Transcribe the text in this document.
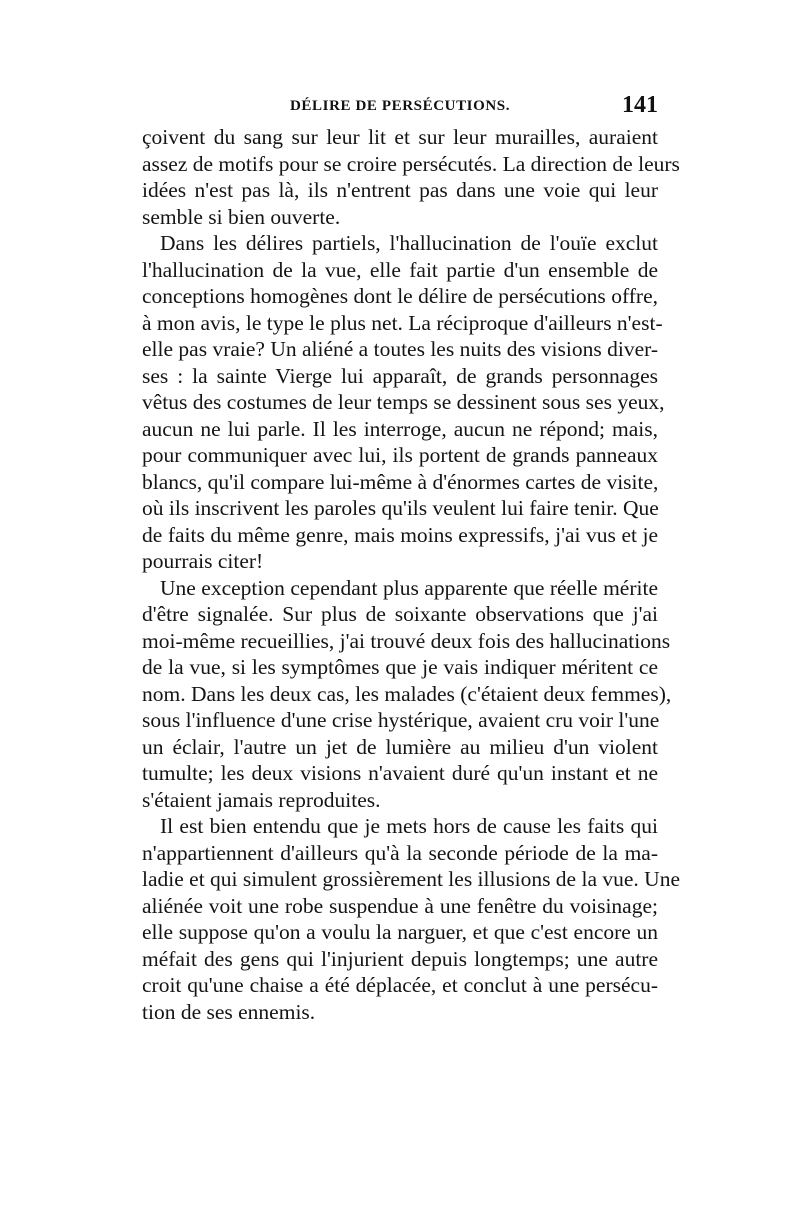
DÉLIRE DE PERSÉCUTIONS.	141
çoivent du sang sur leur lit et sur leur murailles, auraient
assez de motifs pour se croire persécutés. La direction de leurs
idées n'est pas là, ils n'entrent pas dans une voie qui leur
semble si bien ouverte.
Dans les délires partiels, l'hallucination de l'ouïe exclut
l'hallucination de la vue, elle fait partie d'un ensemble de
conceptions homogènes dont le délire de persécutions offre,
à mon avis, le type le plus net. La réciproque d'ailleurs n'est-
elle pas vraie? Un aliéné a toutes les nuits des visions diver-
ses : la sainte Vierge lui apparaît, de grands personnages
vêtus des costumes de leur temps se dessinent sous ses yeux,
aucun ne lui parle. Il les interroge, aucun ne répond; mais,
pour communiquer avec lui, ils portent de grands panneaux
blancs, qu'il compare lui-même à d'énormes cartes de visite,
où ils inscrivent les paroles qu'ils veulent lui faire tenir. Que
de faits du même genre, mais moins expressifs, j'ai vus et je
pourrais citer!
Une exception cependant plus apparente que réelle mérite
d'être signalée. Sur plus de soixante observations que j'ai
moi-même recueillies, j'ai trouvé deux fois des hallucinations
de la vue, si les symptômes que je vais indiquer méritent ce
nom. Dans les deux cas, les malades (c'étaient deux femmes),
sous l'influence d'une crise hystérique, avaient cru voir l'une
un éclair, l'autre un jet de lumière au milieu d'un violent
tumulte; les deux visions n'avaient duré qu'un instant et ne
s'étaient jamais reproduites.
Il est bien entendu que je mets hors de cause les faits qui
n'appartiennent d'ailleurs qu'à la seconde période de la ma-
ladie et qui simulent grossièrement les illusions de la vue. Une
aliénée voit une robe suspendue à une fenêtre du voisinage;
elle suppose qu'on a voulu la narguer, et que c'est encore un
méfait des gens qui l'injurient depuis longtemps; une autre
croit qu'une chaise a été déplacée, et conclut à une persécu-
tion de ses ennemis.
